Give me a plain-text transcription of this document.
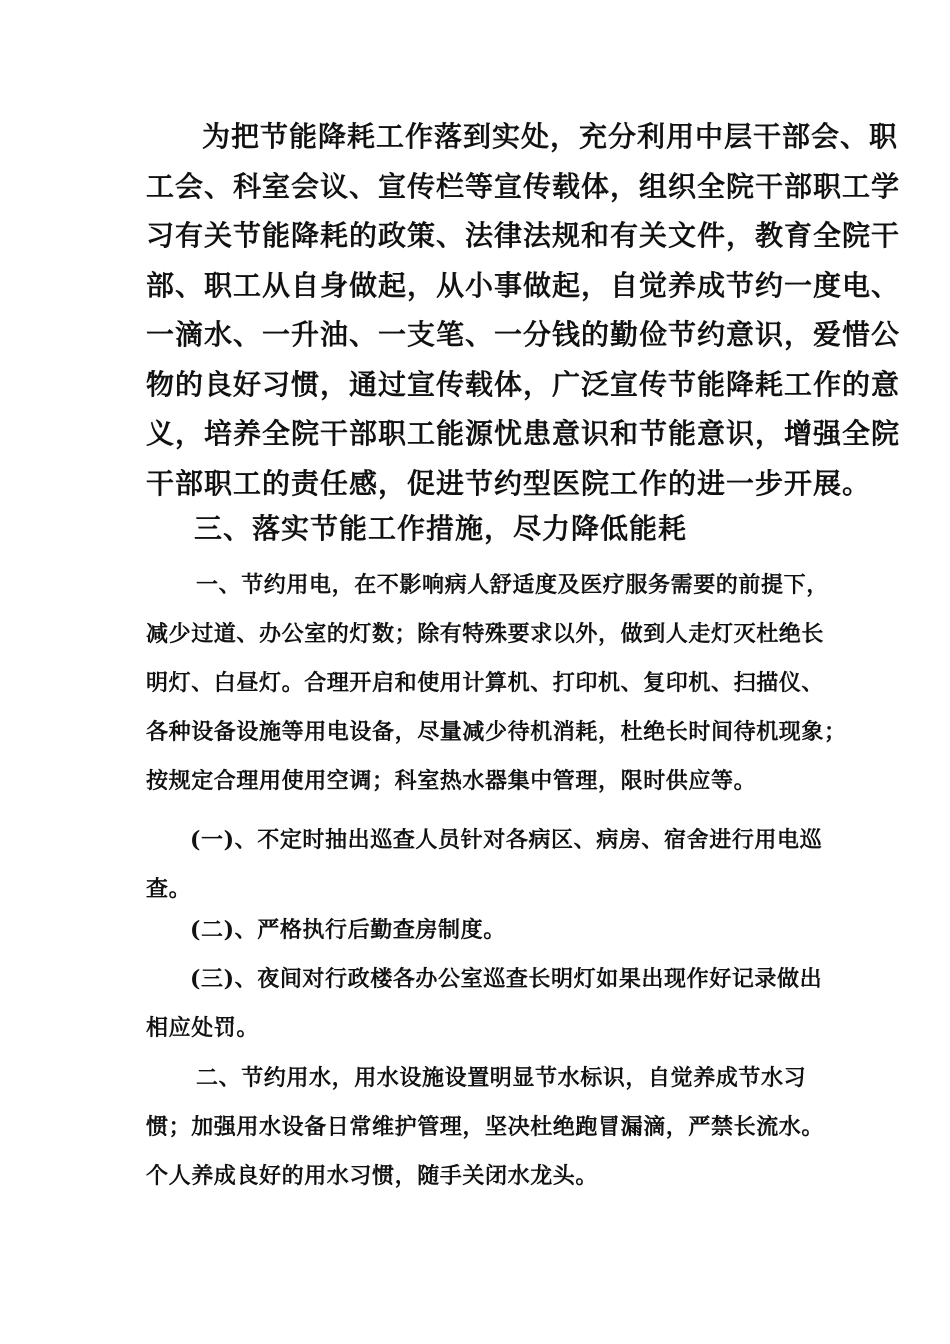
为把节能降耗工作落到实处，充分利用中层干部会、职
工会、科室会议、宣传栏等宣传载体，组织全院干部职工学
习有关节能降耗的政策、法律法规和有关文件，教育全院干
部、职工从自身做起，从小事做起，自觉养成节约一度电、
一滴水、一升油、一支笔、一分钱的勤俭节约意识，爱惜公
物的良好习惯，通过宣传载体，广泛宣传节能降耗工作的意
义，培养全院干部职工能源忧患意识和节能意识，增强全院
干部职工的责任感，促进节约型医院工作的进一步开展。
三、落实节能工作措施，尽力降低能耗
一、节约用电，在不影响病人舒适度及医疗服务需要的前提下，
减少过道、办公室的灯数；除有特殊要求以外，做到人走灯灭杜绝长
明灯、白昼灯。合理开启和使用计算机、打印机、复印机、扫描仪、
各种设备设施等用电设备，尽量减少待机消耗，杜绝长时间待机现象；
按规定合理用使用空调；科室热水器集中管理，限时供应等。
(一)、不定时抽出巡查人员针对各病区、病房、宿舍进行用电巡
查。
(二)、严格执行后勤查房制度。
(三)、夜间对行政楼各办公室巡查长明灯如果出现作好记录做出
相应处罚。
二、节约用水，用水设施设置明显节水标识，自觉养成节水习
惯；加强用水设备日常维护管理，坚决杜绝跑冒漏滴，严禁长流水。
个人养成良好的用水习惯，随手关闭水龙头。
